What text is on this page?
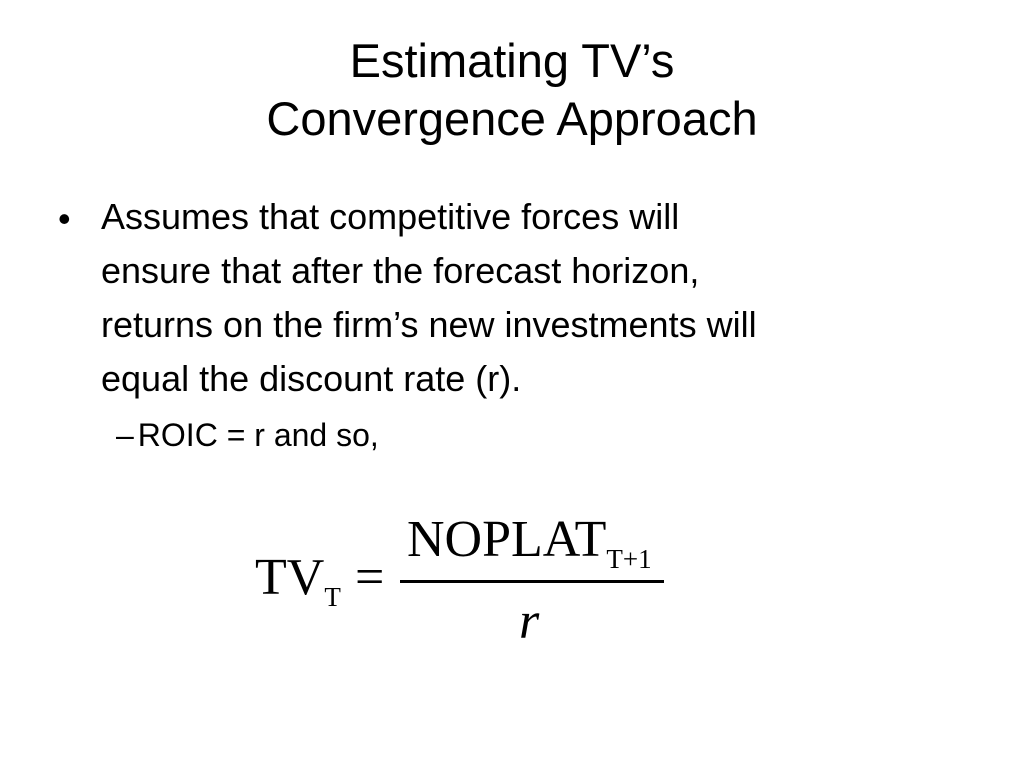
Estimating TV’s
Convergence Approach
• Assumes that competitive forces will
ensure that after the forecast horizon,
returns on the firm’s new investments will
equal the discount rate (r).
– ROIC = r and so,
$TV_T$ =
$NOPLAT_{T+1}$
r
